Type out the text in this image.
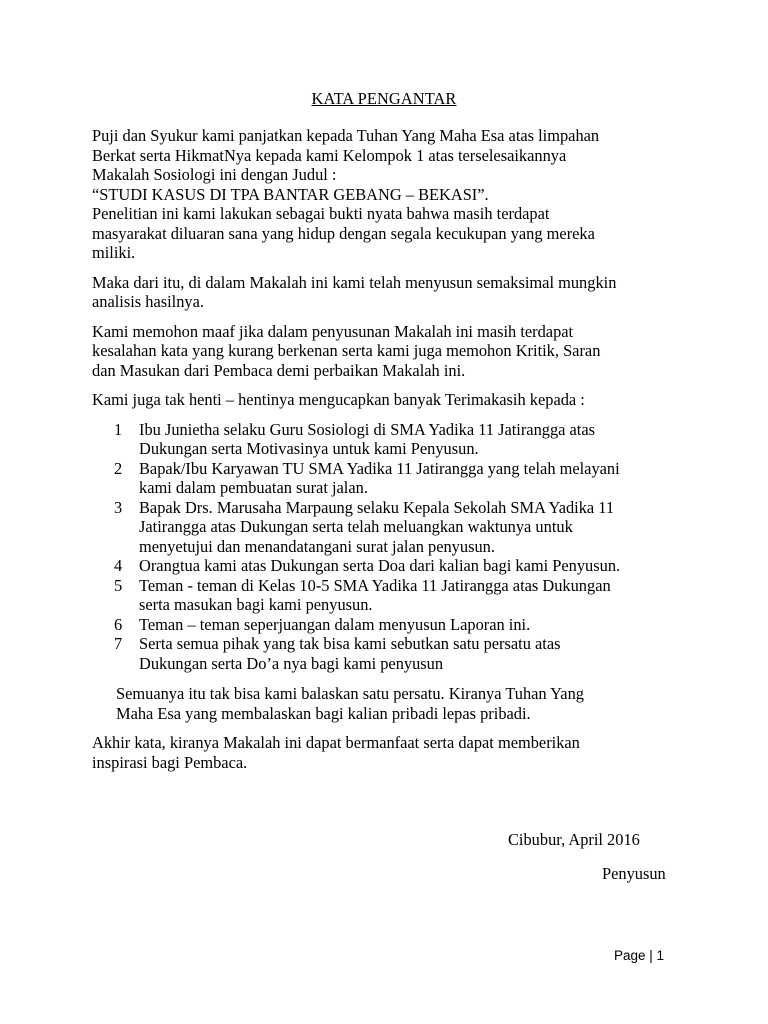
KATA PENGANTAR

Puji dan Syukur kami panjatkan kepada Tuhan Yang Maha Esa atas limpahan
Berkat serta HikmatNya kepada kami Kelompok 1 atas terselesaikannya
Makalah Sosiologi ini dengan Judul :
“STUDI KASUS DI TPA BANTAR GEBANG – BEKASI”.
Penelitian ini kami lakukan sebagai bukti nyata bahwa masih terdapat
masyarakat diluaran sana yang hidup dengan segala kecukupan yang mereka
miliki.

Maka dari itu, di dalam Makalah ini kami telah menyusun semaksimal mungkin
analisis hasilnya.

Kami memohon maaf jika dalam penyusunan Makalah ini masih terdapat
kesalahan kata yang kurang berkenan serta kami juga memohon Kritik, Saran
dan Masukan dari Pembaca demi perbaikan Makalah ini.

Kami juga tak henti – hentinya mengucapkan banyak Terimakasih kepada :

1 Ibu Junietha selaku Guru Sosiologi di SMA Yadika 11 Jatirangga atas
Dukungan serta Motivasinya untuk kami Penyusun.
2 Bapak/Ibu Karyawan TU SMA Yadika 11 Jatirangga yang telah melayani
kami dalam pembuatan surat jalan.
3 Bapak Drs. Marusaha Marpaung selaku Kepala Sekolah SMA Yadika 11
Jatirangga atas Dukungan serta telah meluangkan waktunya untuk
menyetujui dan menandatangani surat jalan penyusun.
4 Orangtua kami atas Dukungan serta Doa dari kalian bagi kami Penyusun.
5 Teman - teman di Kelas 10-5 SMA Yadika 11 Jatirangga atas Dukungan
serta masukan bagi kami penyusun.
6 Teman – teman seperjuangan dalam menyusun Laporan ini.
7 Serta semua pihak yang tak bisa kami sebutkan satu persatu atas
Dukungan serta Do’a nya bagi kami penyusun

Semuanya itu tak bisa kami balaskan satu persatu. Kiranya Tuhan Yang
Maha Esa yang membalaskan bagi kalian pribadi lepas pribadi.

Akhir kata, kiranya Makalah ini dapat bermanfaat serta dapat memberikan
inspirasi bagi Pembaca.

Cibubur, April 2016
Penyusun
Page | 1
